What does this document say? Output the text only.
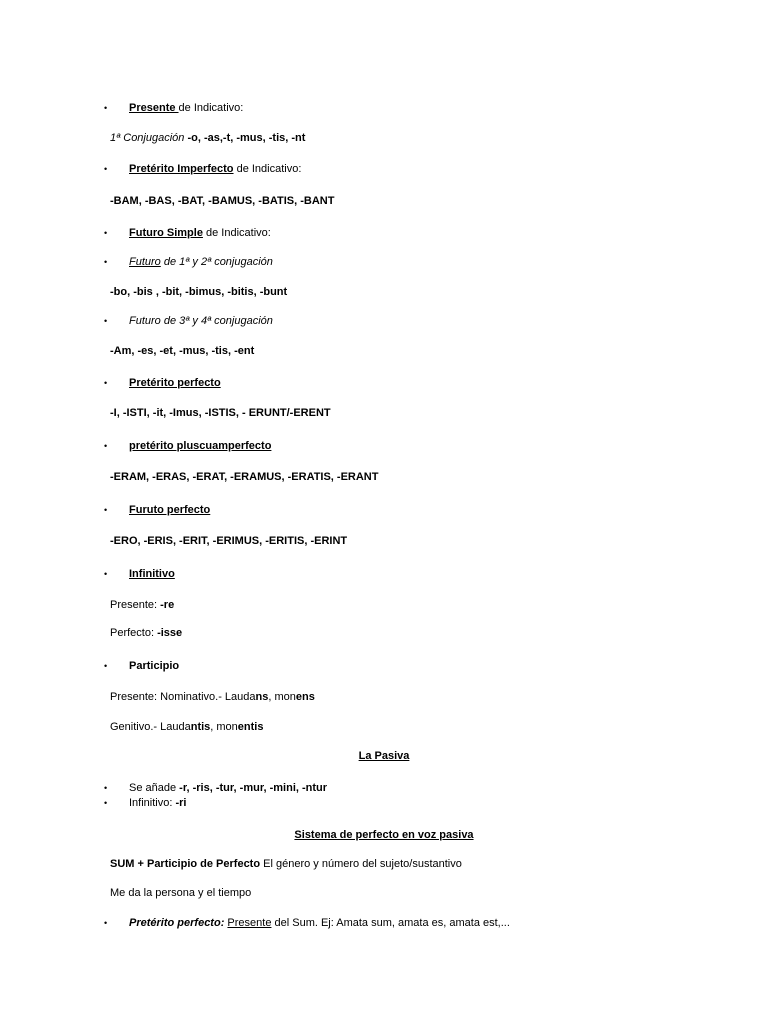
• Presente de Indicativo:
1ª Conjugación -o, -as,-t, -mus, -tis, -nt
• Pretérito Imperfecto de Indicativo:
-BAM, -BAS, -BAT, -BAMUS, -BATIS, -BANT
• Futuro Simple de Indicativo:
• Futuro de 1ª y 2ª conjugación
-bo, -bis , -bit, -bimus, -bitis, -bunt
• Futuro de 3ª y 4ª conjugación
-Am, -es, -et, -mus, -tis, -ent
• Pretérito perfecto
-I, -ISTI, -it, -Imus, -ISTIS, - ERUNT/-ERENT
• pretérito pluscuamperfecto
-ERAM, -ERAS, -ERAT, -ERAMUS, -ERATIS, -ERANT
• Furuto perfecto
-ERO, -ERIS, -ERIT, -ERIMUS, -ERITIS, -ERINT
• Infinitivo
Presente: -re
Perfecto: -isse
• Participio
Presente: Nominativo.- Laudans, monens
Genitivo.- Laudantis, monentis
La Pasiva
• Se añade -r, -ris, -tur, -mur, -mini, -ntur
• Infinitivo: -ri
Sistema de perfecto en voz pasiva
SUM + Participio de Perfecto El género y número del sujeto/sustantivo
Me da la persona y el tiempo
• Pretérito perfecto: Presente del Sum. Ej: Amata sum, amata es, amata est,...
